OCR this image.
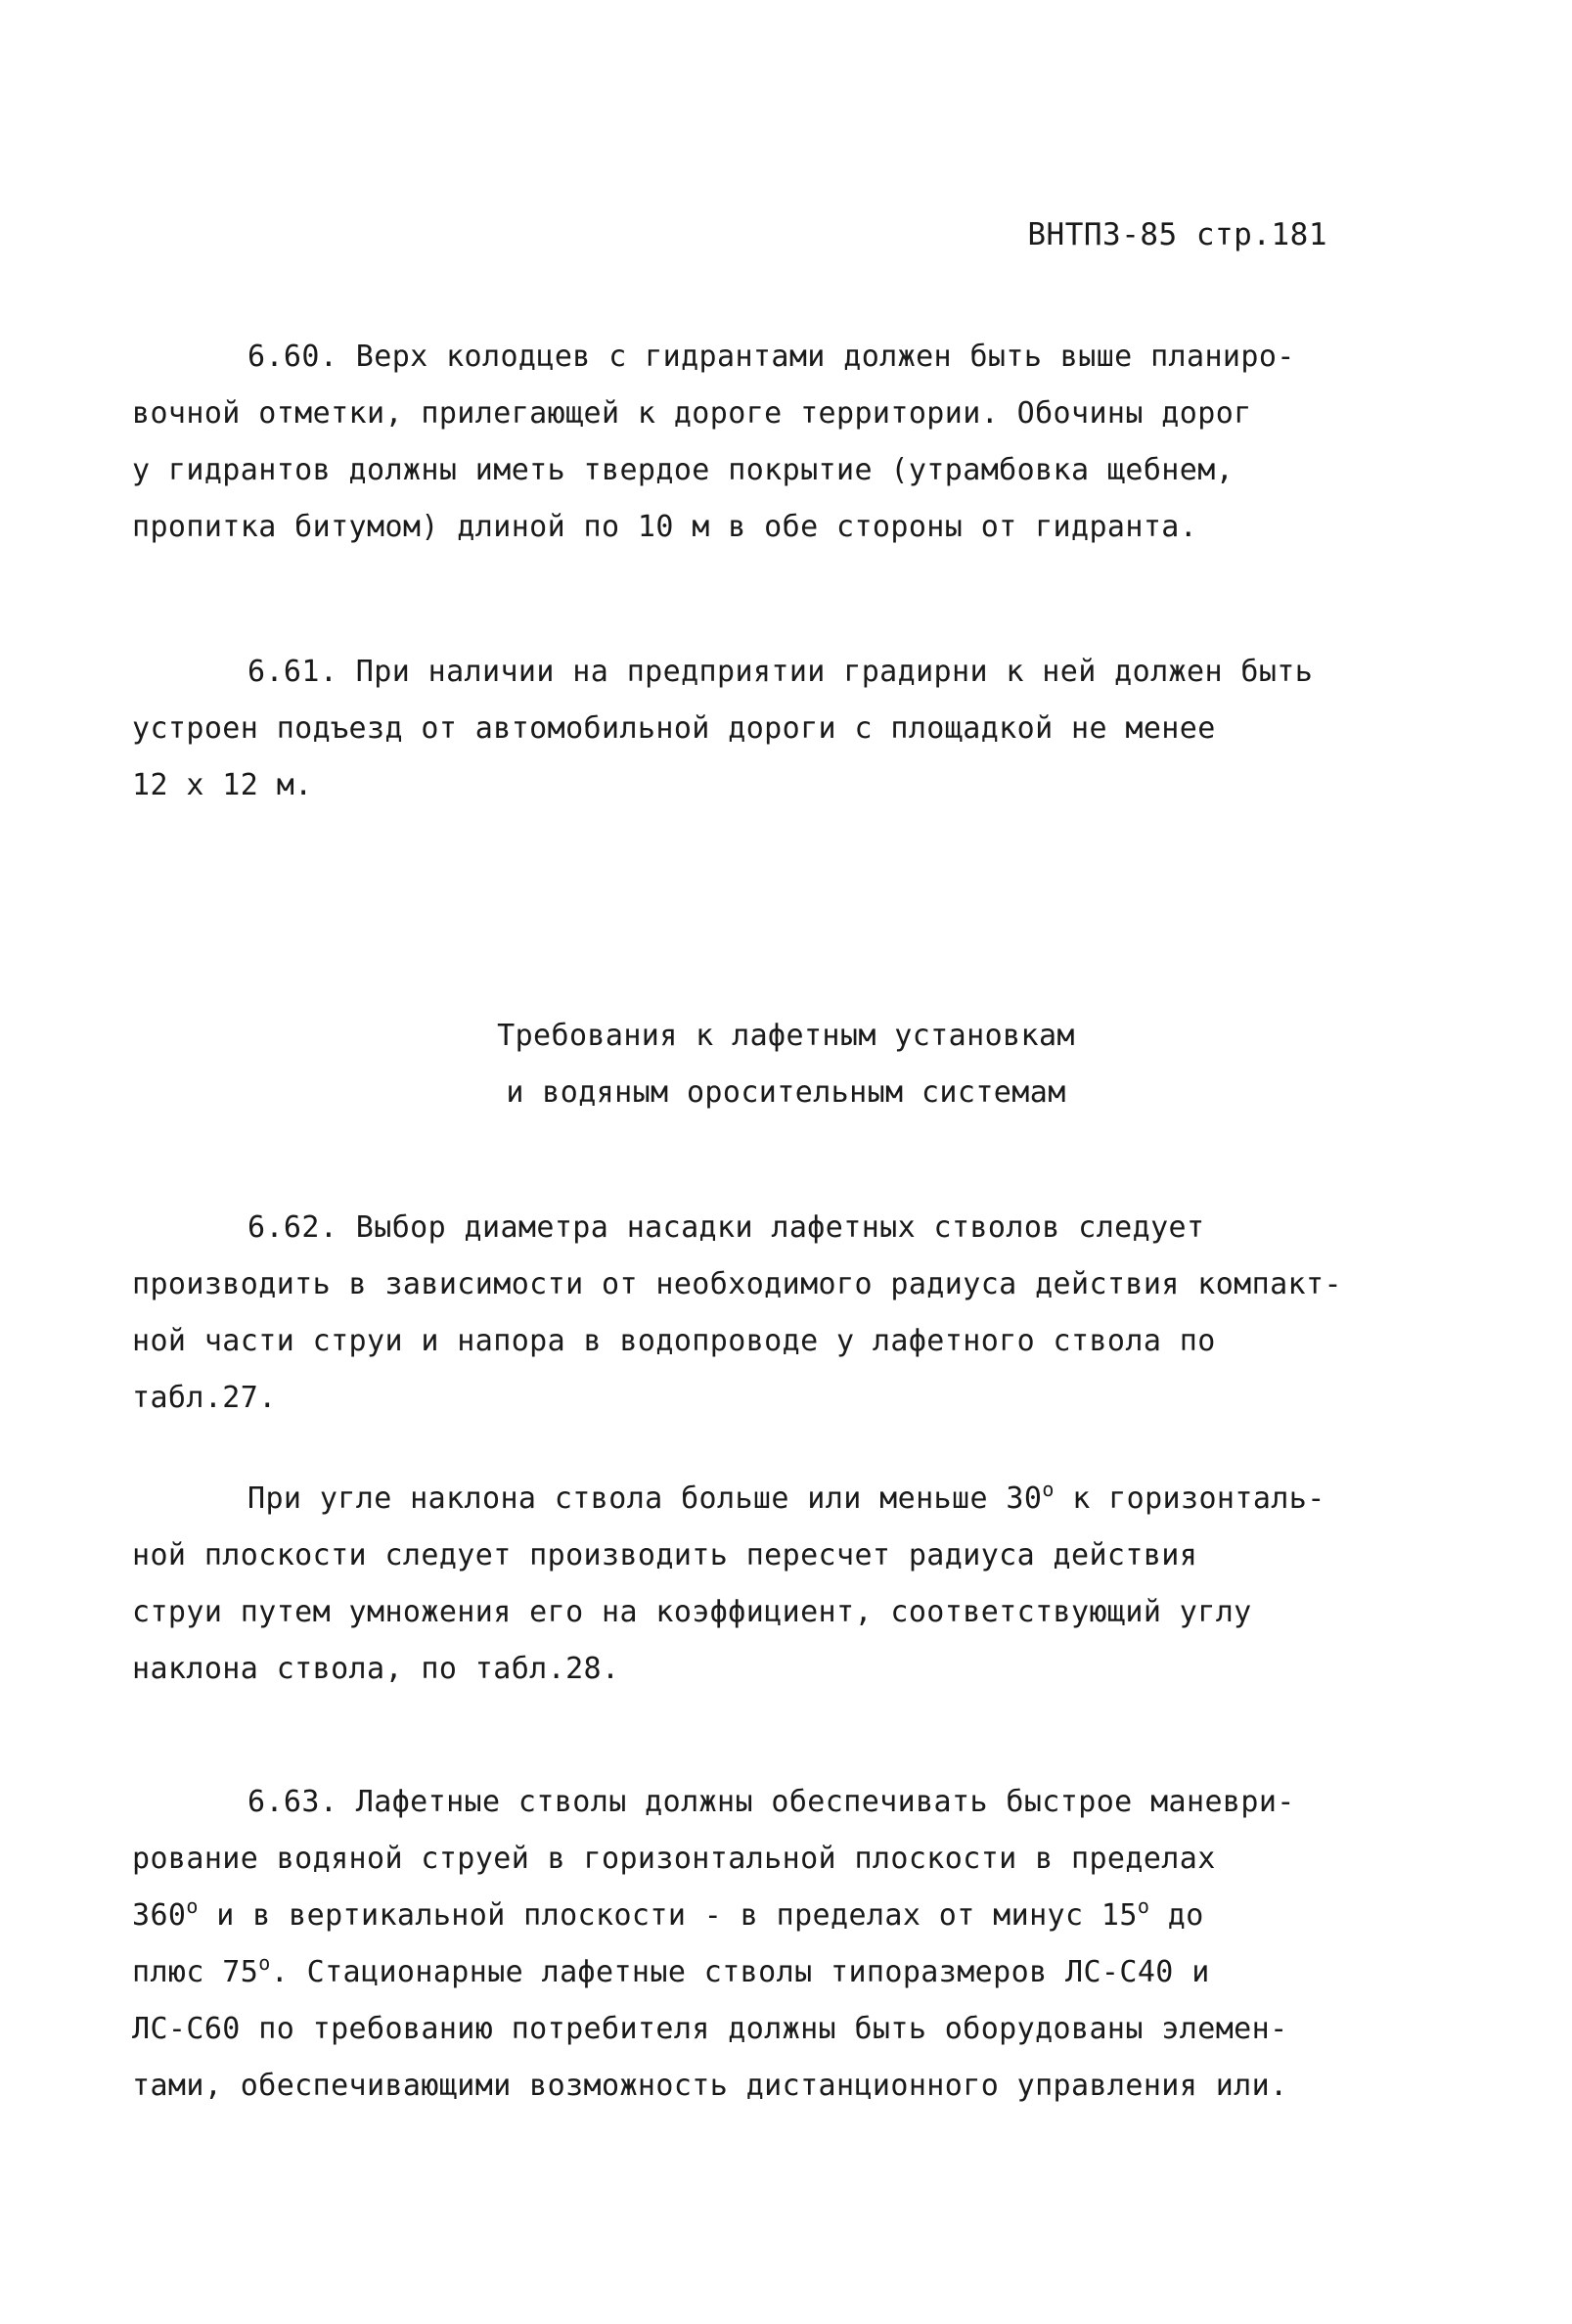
ВНТПЗ-85 стр.181
6.60. Верх колодцев с гидрантами должен быть выше планиро-
вочной отметки, прилегающей к дороге территории. Обочины дорог
у гидрантов должны иметь твердое покрытие (утрамбовка щебнем,
пропитка битумом) длиной по 10 м в обе стороны от гидранта.
6.61. При наличии на предприятии градирни к ней должен быть
устроен подъезд от автомобильной дороги с площадкой не менее
12 х 12 м.
Требования к лафетным установкам
и водяным оросительным системам
6.62. Выбор диаметра насадки лафетных стволов следует
производить в зависимости от необходимого радиуса действия компакт-
ной части струи и напора в водопроводе у лафетного ствола по
табл.27.
При угле наклона ствола больше или меньше $30^о$ к горизонталь-
ной плоскости следует производить пересчет радиуса действия
струи путем умножения его на коэффициент, соответствующий углу
наклона ствола, по табл.28.
6.63. Лафетные стволы должны обеспечивать быстрое маневри-
рование водяной струей в горизонтальной плоскости в пределах
$360^о$ и в вертикальной плоскости - в пределах от минус $15^о$ до
плюс $75^о$. Стационарные лафетные стволы типоразмеров ЛС-С40 и
ЛС-С60 по требованию потребителя должны быть оборудованы элемен-
тами, обеспечивающими возможность дистанционного управления или.
